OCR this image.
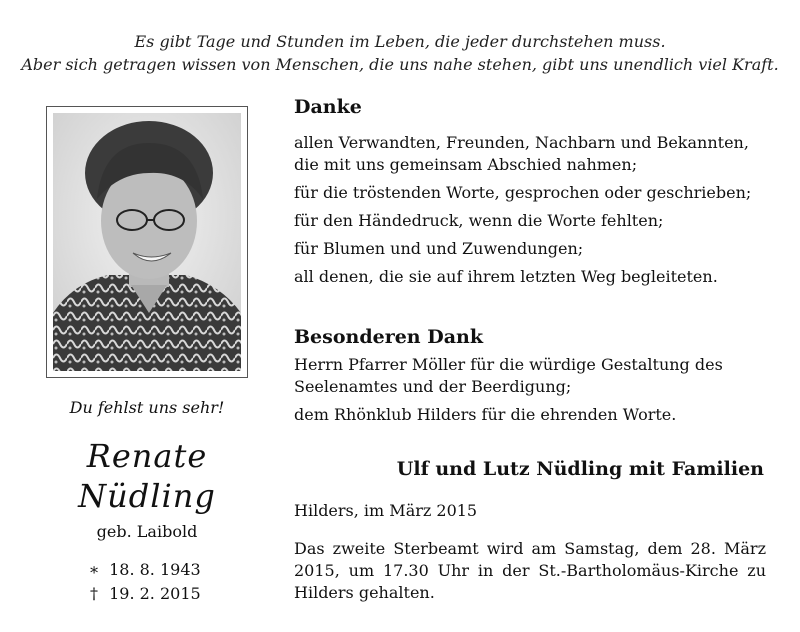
Es gibt Tage und Stunden im Leben, die jeder durchstehen muss.
Aber sich getragen wissen von Menschen, die uns nahe stehen, gibt uns unendlich viel Kraft.
Du fehlst uns sehr!
Renate
Nüdling
geb. Laibold
∗ 18. 8. 1943
† 19. 2. 2015
Danke
allen Verwandten, Freunden, Nachbarn und Bekannten,
die mit uns gemeinsam Abschied nahmen;
für die tröstenden Worte, gesprochen oder geschrieben;
für den Händedruck, wenn die Worte fehlten;
für Blumen und und Zuwendungen;
all denen, die sie auf ihrem letzten Weg begleiteten.
Besonderen Dank
Herrn Pfarrer Möller für die würdige Gestaltung des
Seelenamtes und der Beerdigung;
dem Rhönklub Hilders für die ehrenden Worte.
Ulf und Lutz Nüdling mit Familien
Hilders, im März 2015
Das zweite Sterbeamt wird am Samstag, dem 28. März 2015, um 17.30 Uhr in der St.-Bartholomäus-Kirche zu Hilders gehalten.
